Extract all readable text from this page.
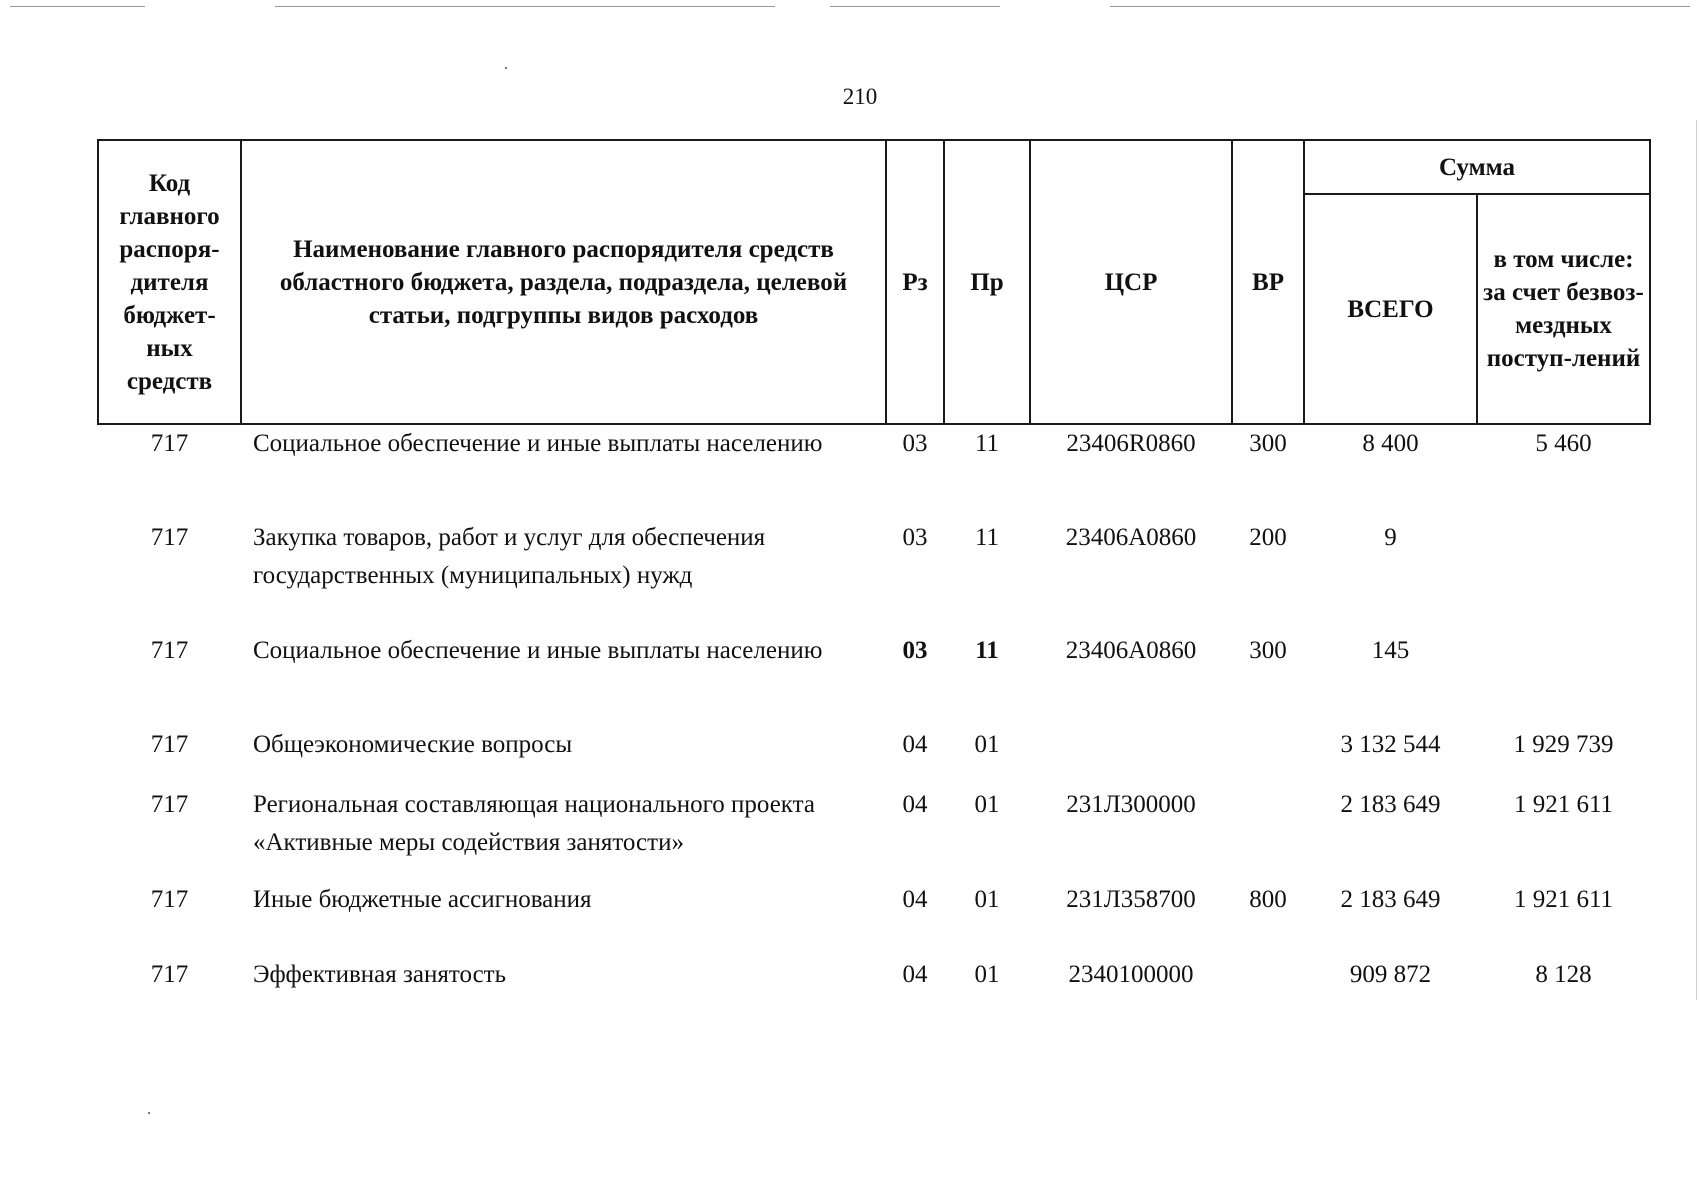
210
Код главного распоря-дителя бюджет-ных средств	Наименование главного распорядителя средств областного бюджета, раздела, подраздела, целевой статьи, подгруппы видов расходов	Рз	Пр	ЦСР	ВР	Сумма	
						ВСЕГО	в том числе: за счет безвоз-мездных поступ-лений
717	Социальное обеспечение и иные выплаты населению	03	11	23406R0860	300	8 400	5 460
717	Закупка товаров, работ и услуг для обеспечения государственных (муниципальных) нужд	03	11	23406A0860	200	9	
717	Социальное обеспечение и иные выплаты населению	03	11	23406A0860	300	145	
717	Общеэкономические вопросы	04	01			3 132 544	1 929 739
717	Региональная составляющая национального проекта «Активные меры содействия занятости»	04	01	231Л300000		2 183 649	1 921 611
717	Иные бюджетные ассигнования	04	01	231Л358700	800	2 183 649	1 921 611
717	Эффективная занятость	04	01	2340100000		909 872	8 128
